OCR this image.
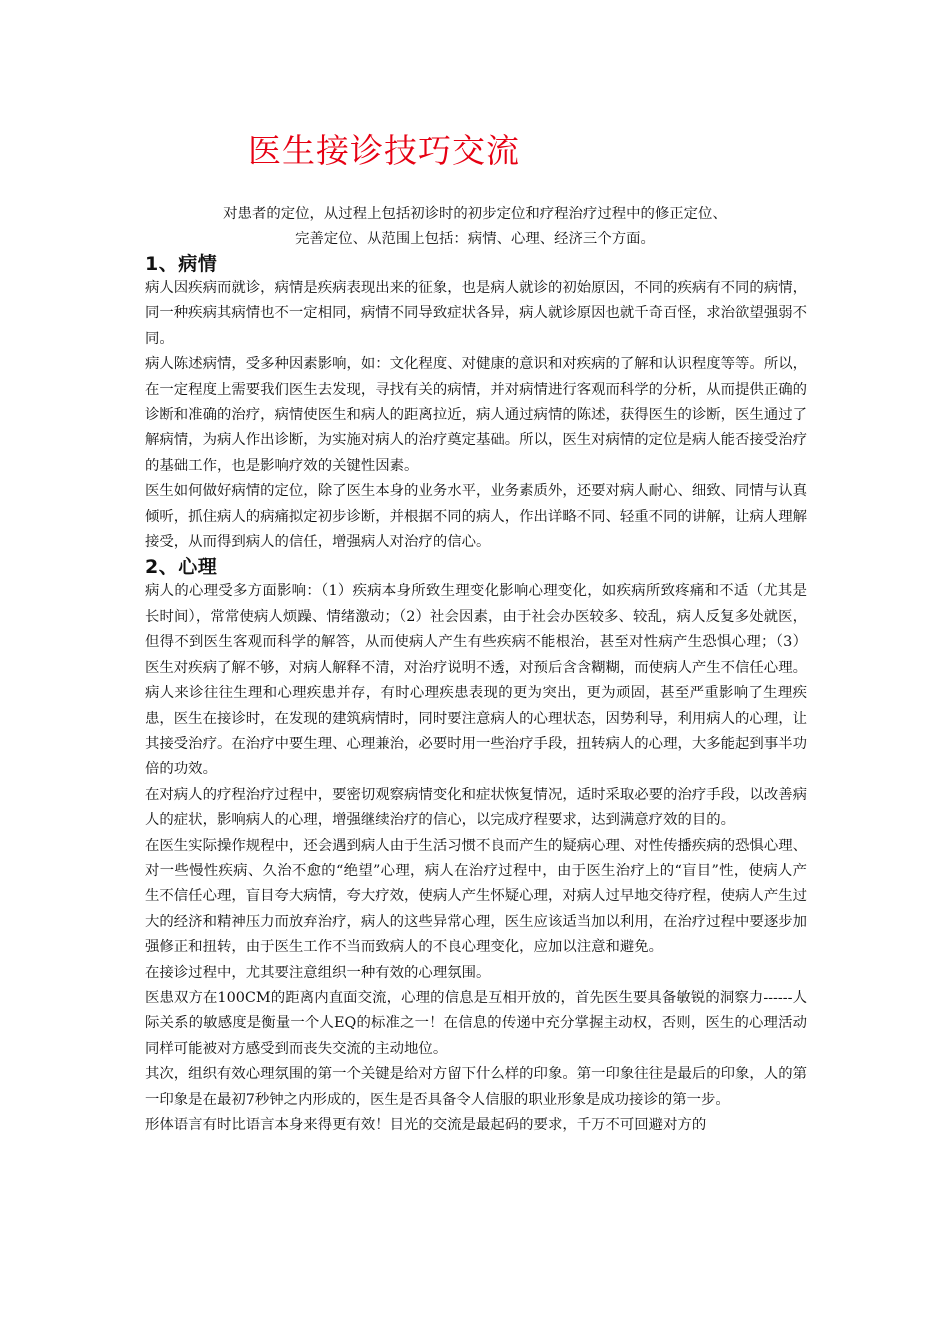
医生接诊技巧交流

对患者的定位，从过程上包括初诊时的初步定位和疗程治疗过程中的修正定位、

完善定位、从范围上包括：病情、心理、经济三个方面。

1、病情

病人因疾病而就诊，病情是疾病表现出来的征象，也是病人就诊的初始原因，不同的疾病有不同的病情，同一种疾病其病情也不一定相同，病情不同导致症状各异，病人就诊原因也就千奇百怪，求治欲望强弱不同。

病人陈述病情，受多种因素影响，如：文化程度、对健康的意识和对疾病的了解和认识程度等等。所以，在一定程度上需要我们医生去发现，寻找有关的病情，并对病情进行客观而科学的分析，从而提供正确的诊断和准确的治疗，病情使医生和病人的距离拉近，病人通过病情的陈述，获得医生的诊断，医生通过了解病情，为病人作出诊断，为实施对病人的治疗奠定基础。所以，医生对病情的定位是病人能否接受治疗的基础工作，也是影响疗效的关键性因素。

医生如何做好病情的定位，除了医生本身的业务水平，业务素质外，还要对病人耐心、细致、同情与认真倾听，抓住病人的病痛拟定初步诊断，并根据不同的病人，作出详略不同、轻重不同的讲解，让病人理解接受，从而得到病人的信任，增强病人对治疗的信心。

2、心理

病人的心理受多方面影响：（1）疾病本身所致生理变化影响心理变化，如疾病所致疼痛和不适（尤其是长时间），常常使病人烦躁、情绪激动；（2）社会因素，由于社会办医较多、较乱，病人反复多处就医，但得不到医生客观而科学的解答，从而使病人产生有些疾病不能根治，甚至对性病产生恐惧心理；（3）医生对疾病了解不够，对病人解释不清，对治疗说明不透，对预后含含糊糊，而使病人产生不信任心理。

病人来诊往往生理和心理疾患并存，有时心理疾患表现的更为突出，更为顽固，甚至严重影响了生理疾患，医生在接诊时，在发现的建筑病情时，同时要注意病人的心理状态，因势利导，利用病人的心理，让其接受治疗。在治疗中要生理、心理兼治，必要时用一些治疗手段，扭转病人的心理，大多能起到事半功倍的功效。

在对病人的疗程治疗过程中，要密切观察病情变化和症状恢复情况，适时采取必要的治疗手段，以改善病人的症状，影响病人的心理，增强继续治疗的信心，以完成疗程要求，达到满意疗效的目的。

在医生实际操作规程中，还会遇到病人由于生活习惯不良而产生的疑病心理、对性传播疾病的恐惧心理、对一些慢性疾病、久治不愈的“绝望”心理，病人在治疗过程中，由于医生治疗上的“盲目”性，使病人产生不信任心理，盲目夸大病情，夸大疗效，使病人产生怀疑心理，对病人过早地交待疗程，使病人产生过大的经济和精神压力而放弃治疗，病人的这些异常心理，医生应该适当加以利用，在治疗过程中要逐步加强修正和扭转，由于医生工作不当而致病人的不良心理变化，应加以注意和避免。

在接诊过程中，尤其要注意组织一种有效的心理氛围。

医患双方在100CM的距离内直面交流，心理的信息是互相开放的，首先医生要具备敏锐的洞察力------人际关系的敏感度是衡量一个人EQ的标准之一！在信息的传递中充分掌握主动权，否则，医生的心理活动同样可能被对方感受到而丧失交流的主动地位。

其次，组织有效心理氛围的第一个关键是给对方留下什么样的印象。第一印象往往是最后的印象，人的第一印象是在最初7秒钟之内形成的，医生是否具备令人信服的职业形象是成功接诊的第一步。

形体语言有时比语言本身来得更有效！目光的交流是最起码的要求，千万不可回避对方的
